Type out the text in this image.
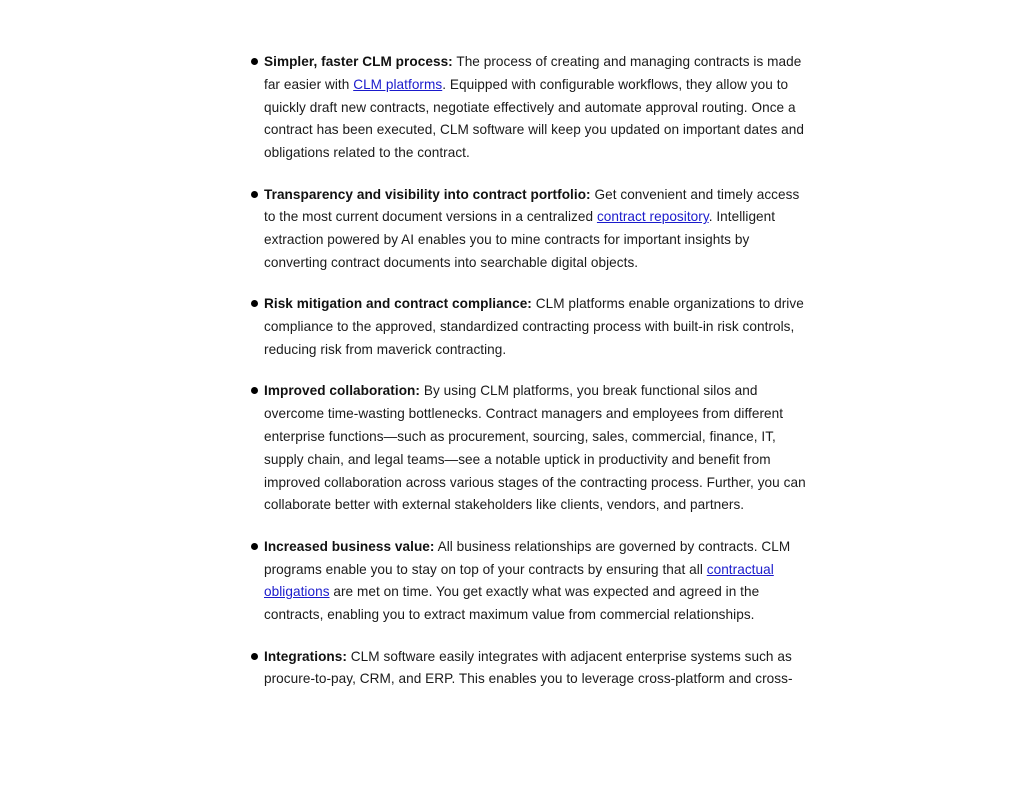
Simpler, faster CLM process: The process of creating and managing contracts is made far easier with CLM platforms. Equipped with configurable workflows, they allow you to quickly draft new contracts, negotiate effectively and automate approval routing. Once a contract has been executed, CLM software will keep you updated on important dates and obligations related to the contract.
Transparency and visibility into contract portfolio: Get convenient and timely access to the most current document versions in a centralized contract repository. Intelligent extraction powered by AI enables you to mine contracts for important insights by converting contract documents into searchable digital objects.
Risk mitigation and contract compliance: CLM platforms enable organizations to drive compliance to the approved, standardized contracting process with built-in risk controls, reducing risk from maverick contracting.
Improved collaboration: By using CLM platforms, you break functional silos and overcome time-wasting bottlenecks. Contract managers and employees from different enterprise functions—such as procurement, sourcing, sales, commercial, finance, IT, supply chain, and legal teams—see a notable uptick in productivity and benefit from improved collaboration across various stages of the contracting process. Further, you can collaborate better with external stakeholders like clients, vendors, and partners.
Increased business value: All business relationships are governed by contracts. CLM programs enable you to stay on top of your contracts by ensuring that all contractual obligations are met on time. You get exactly what was expected and agreed in the contracts, enabling you to extract maximum value from commercial relationships.
Integrations: CLM software easily integrates with adjacent enterprise systems such as procure-to-pay, CRM, and ERP. This enables you to leverage cross-platform and cross-
